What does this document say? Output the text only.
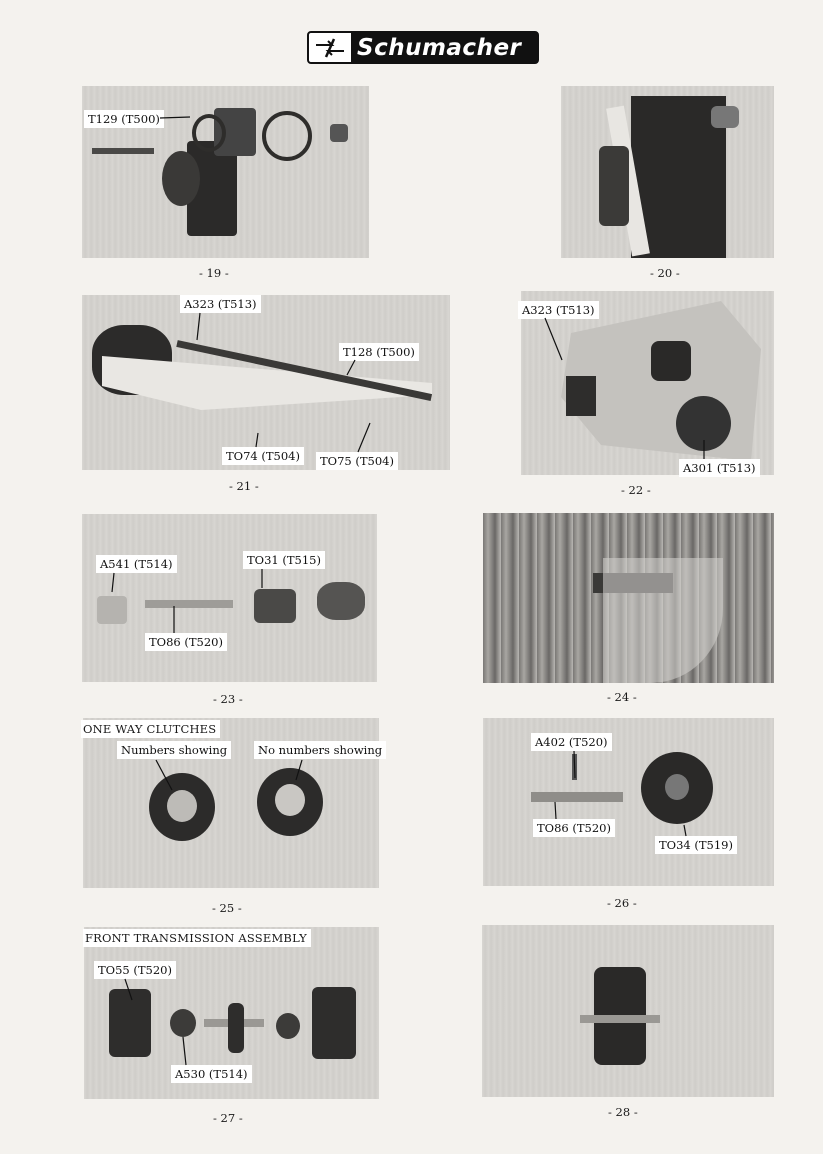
Schumacher
T129 (T500)
- 19 -	- 20 -
A323 (T513)
T128 (T500)
TO74 (T504)	TO75 (T504)
- 21 -
A323 (T513)
A301 (T513)
- 22 -
A541 (T514)	TO31 (T515)
TO86 (T520)
- 23 -	- 24 -
ONE WAY CLUTCHES
Numbers showing	No numbers showing
- 25 -
A402 (T520)
TO86 (T520)
TO34 (T519)
- 26 -
FRONT TRANSMISSION ASSEMBLY
TO55 (T520)
A530 (T514)
- 27 -	- 28 -
